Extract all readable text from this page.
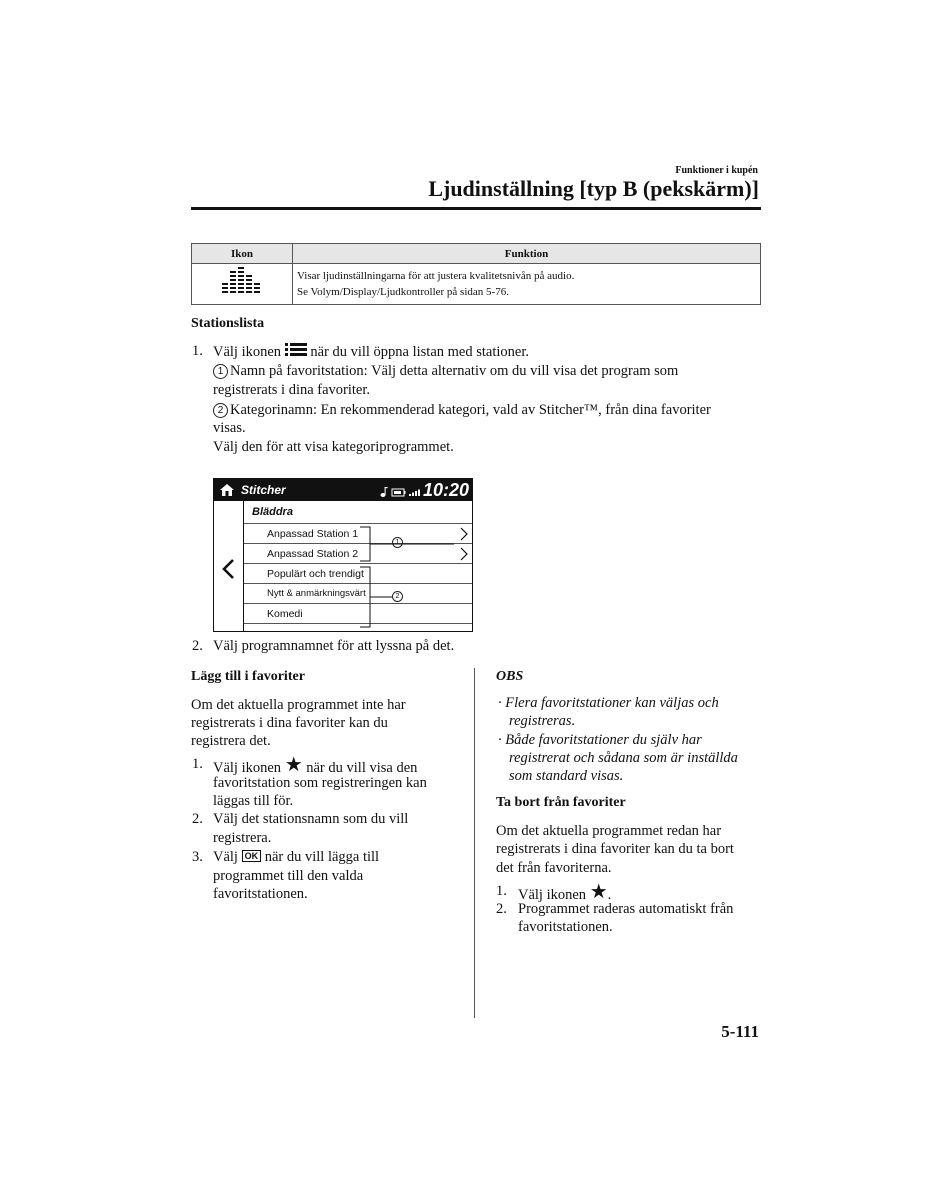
Funktioner i kupén
Ljudinställning [typ B (pekskärm)]
Ikon	Funktion

Visar ljudinställningarna för att justera kvalitetsnivån på audio.
Se Volym/Display/Ljudkontroller på sidan 5-76.
Stationslista
1. Välj ikonen när du vill öppna listan med stationer.
1 Namn på favoritstation: Välj detta alternativ om du vill visa det program som
registrerats i dina favoriter.
2 Kategorinamn: En rekommenderad kategori, vald av Stitcher™, från dina favoriter
visas.
Välj den för att visa kategoriprogrammet.
Stitcher	10:20
Bläddra
Anpassad Station 1
Anpassad Station 2
Populärt och trendigt
Nytt & anmärkningsvärt
Komedi
1
2
2. Välj programnamnet för att lyssna på det.
Lägg till i favoriter
Om det aktuella programmet inte har
registrerats i dina favoriter kan du
registrera det.
1. Välj ikonen ★ när du vill visa den
favoritstation som registreringen kan
läggas till för.
2. Välj det stationsnamn som du vill
registrera.
3. Välj OK när du vill lägga till
programmet till den valda
favoritstationen.
OBS
· Flera favoritstationer kan väljas och
registreras.
· Både favoritstationer du själv har
registrerat och sådana som är inställda
som standard visas.
Ta bort från favoriter
Om det aktuella programmet redan har
registrerats i dina favoriter kan du ta bort
det från favoriterna.
1. Välj ikonen ★.
2. Programmet raderas automatiskt från
favoritstationen.
5-111
